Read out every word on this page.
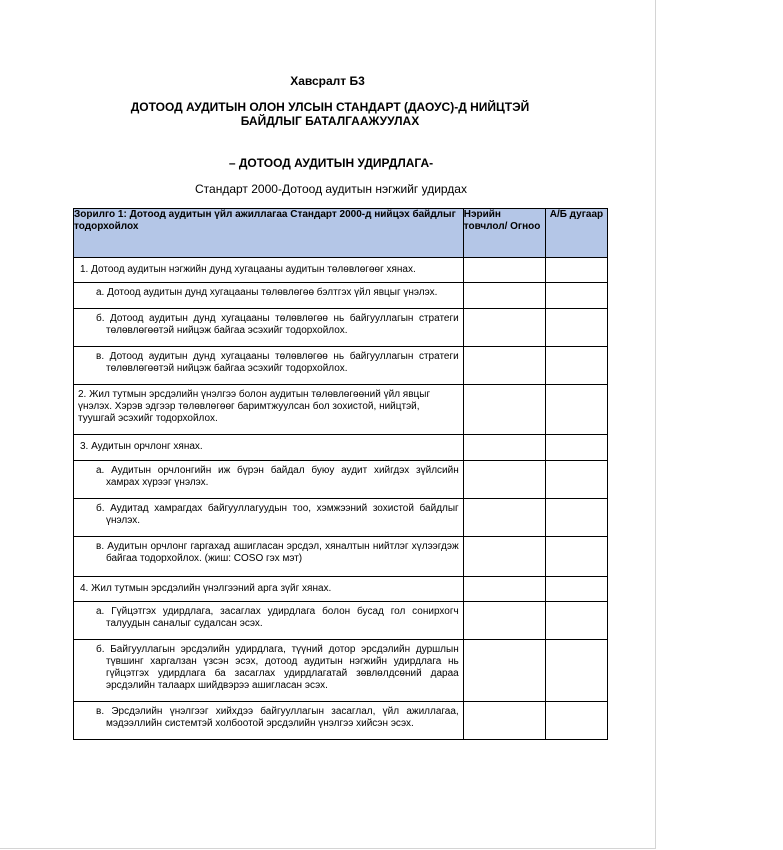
Хавсралт Б3
ДОТООД АУДИТЫН ОЛОН УЛСЫН СТАНДАРТ (ДАОУС)-Д НИЙЦТЭЙ БАЙДЛЫГ БАТАЛГААЖУУЛАХ
– ДОТООД АУДИТЫН УДИРДЛАГА-
Стандарт 2000-Дотоод аудитын нэгжийг удирдах
Зорилго 1: Дотоод аудитын үйл ажиллагаа Стандарт 2000-д нийцэх байдлыг тодорхойлох	Нэрийн товчлол/ Огноо	А/Б дугаар

1. Дотоод аудитын нэгжийн дунд хугацааны аудитын төлөвлөгөөг хянах.		

а. Дотоод аудитын дунд хугацааны төлөвлөгөө бэлтгэх үйл явцыг үнэлэх.		

б. Дотоод аудитын дунд хугацааны төлөвлөгөө нь байгууллагын стратеги төлөвлөгөөтэй нийцэж байгаа эсэхийг тодорхойлох.		

в. Дотоод аудитын дунд хугацааны төлөвлөгөө нь байгууллагын стратеги төлөвлөгөөтэй нийцэж байгаа эсэхийг тодорхойлох.		

2. Жил тутмын эрсдэлийн үнэлгээ болон аудитын төлөвлөгөөний үйл явцыг үнэлэх. Хэрэв эдгээр төлөвлөгөөг баримтжуулсан бол зохистой, нийцтэй, туушгай эсэхийг тодорхойлох.		

3. Аудитын орчлонг хянах.		

а. Аудитын орчлонгийн иж бүрэн байдал буюу аудит хийгдэх зүйлсийн хамрах хүрээг үнэлэх.		

б. Аудитад хамрагдах байгууллагуудын тоо, хэмжээний зохистой байдлыг үнэлэх.		

в. Аудитын орчлонг гаргахад ашигласан эрсдэл, хяналтын нийтлэг хүлээгдэж байгаа тодорхойлох. (жиш: COSO гэх мэт)		

4. Жил тутмын эрсдэлийн үнэлгээний арга зүйг хянах.		

а. Гүйцэтгэх удирдлага, засаглах удирдлага болон бусад гол сонирхогч талуудын саналыг судалсан эсэх.		

б. Байгууллагын эрсдэлийн удирдлага, түүний дотор эрсдэлийн дуршлын түвшинг харгалзан үзсэн эсэх, дотоод аудитын нэгжийн удирдлага нь гүйцэтгэх удирдлага ба засаглах удирдлагатай зөвлөлдсөний дараа эрсдэлийн талаарх шийдвэрээ ашигласан эсэх.		

в. Эрсдэлийн үнэлгээг хийхдээ байгууллагын засаглал, үйл ажиллагаа, мэдээллийн системтэй холбоотой эрсдэлийн үнэлгээ хийсэн эсэх.		
